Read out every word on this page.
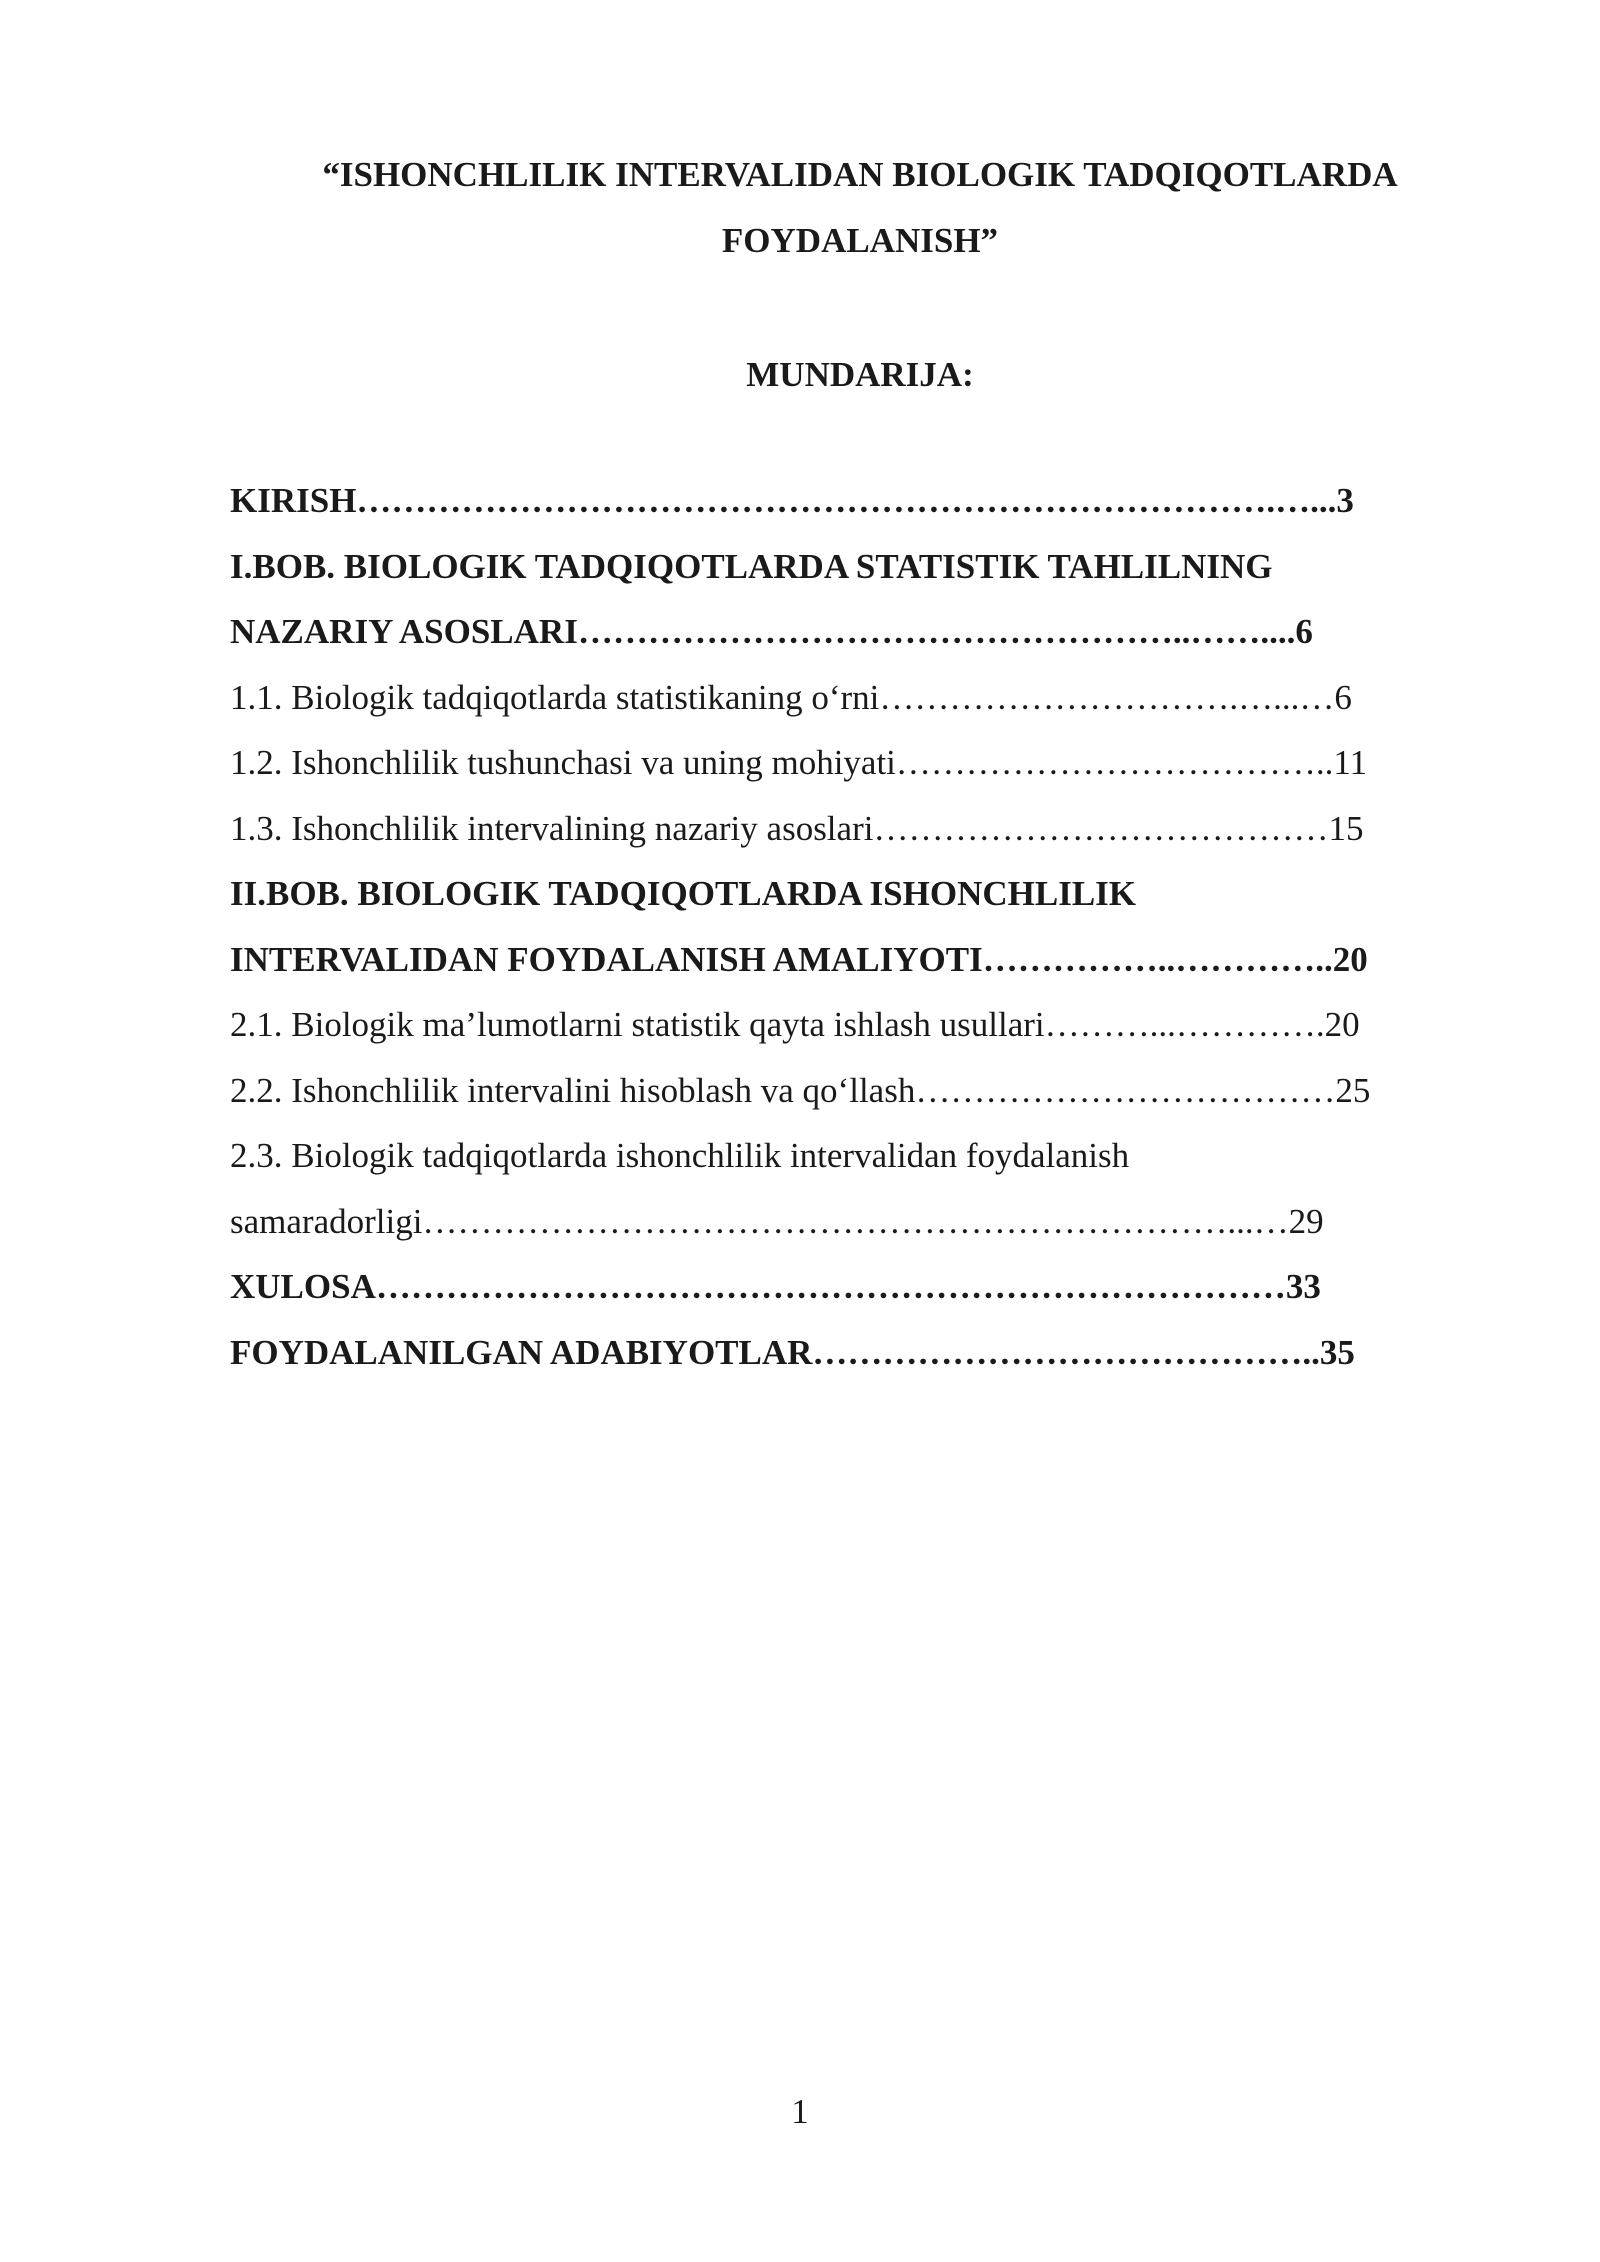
“ISHONCHLILIK INTERVALIDAN BIOLOGIK TADQIQOTLARDA
FOYDALANISH”
MUNDARIJA:
KIRISH…………………………………………………………………….…...3
I.BOB. BIOLOGIK TADQIQOTLARDA STATISTIK TAHLILNING
NAZARIY ASOSLARI……………………………………………..……....6
1.1. Biologik tadqiqotlarda statistikaning o‘rni………………………….…...…6
1.2. Ishonchlilik tushunchasi va uning mohiyati………………………………..11
1.3. Ishonchlilik intervalining nazariy asoslari…………………………………15
II.BOB. BIOLOGIK TADQIQOTLARDA ISHONCHLILIK
INTERVALIDAN FOYDALANISH AMALIYOTI……………..…………..20
2.1. Biologik ma’lumotlarni statistik qayta ishlash usullari………...………….20
2.2. Ishonchlilik intervalini hisoblash va qo‘llash………………………………25
2.3. Biologik tadqiqotlarda ishonchlilik intervalidan foydalanish
samaradorligi……………………………………………………………...…29
XULOSA……………………………………………………………………33
FOYDALANILGAN ADABIYOTLAR……………………………………..35
1
